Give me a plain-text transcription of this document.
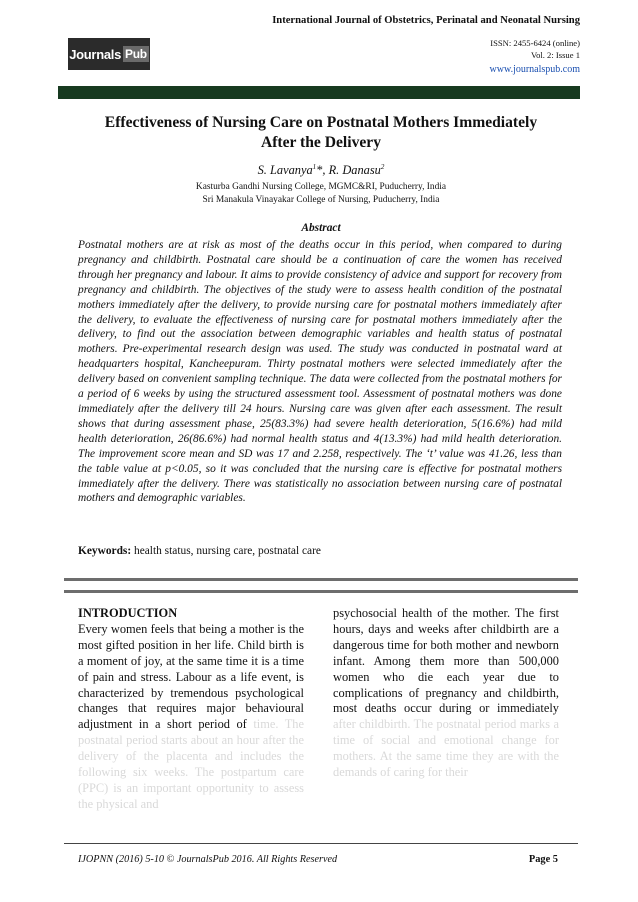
Journals Pub
International Journal of Obstetrics, Perinatal and Neonatal Nursing
ISSN: 2455-6424 (online)
Vol. 2: Issue 1
www.journalspub.com
Effectiveness of Nursing Care on Postnatal Mothers Immediately
After the Delivery
S. Lavanya$^1$*, R. Danasu$^2$
Kasturba Gandhi Nursing College, MGMC&RI, Puducherry, India
Sri Manakula Vinayakar College of Nursing, Puducherry, India
Abstract
Postnatal mothers are at risk as most of the deaths occur in this period, when compared to during pregnancy and childbirth. Postnatal care should be a continuation of care the women has received through her pregnancy and labour. It aims to provide consistency of advice and support for recovery from pregnancy and childbirth. The objectives of the study were to assess health condition of the postnatal mothers immediately after the delivery, to provide nursing care for postnatal mothers immediately after the delivery, to evaluate the effectiveness of nursing care for postnatal mothers immediately after the delivery, to find out the association between demographic variables and health status of postnatal mothers. Pre-experimental research design was used. The study was conducted in postnatal ward at headquarters hospital, Kancheepuram. Thirty postnatal mothers were selected immediately after the delivery based on convenient sampling technique. The data were collected from the postnatal mothers for a period of 6 weeks by using the structured assessment tool. Assessment of postnatal mothers was done immediately after the delivery till 24 hours. Nursing care was given after each assessment. The result shows that during assessment phase, 25(83.3%) had severe health deterioration, 5(16.6%) had mild health deterioration, 26(86.6%) had normal health status and 4(13.3%) had mild health deterioration. The improvement score mean and SD was 17 and 2.258, respectively. The ‘t’ value was 41.26, less than the table value at p<0.05, so it was concluded that the nursing care is effective for postnatal mothers immediately after the delivery. There was statistically no association between nursing care of postnatal mothers and demographic variables.
Keywords: health status, nursing care, postnatal care
INTRODUCTION
Every women feels that being a mother is the most gifted position in her life. Child birth is a moment of joy, at the same time it is a time of pain and stress. Labour as a life event, is characterized by tremendous psychological changes that requires major behavioural adjustment in a short period of time. The postnatal period starts about an hour after the delivery of the placenta and includes the following six weeks. The postpartum care (PPC) is an important opportunity to assess the physical and
psychosocial health of the mother. The first hours, days and weeks after childbirth are a dangerous time for both mother and newborn infant. Among them more than 500,000 women who die each year due to complications of pregnancy and childbirth, most deaths occur during or immediately after childbirth. The postnatal period marks a time of social and emotional change for mothers. At the same time they are with the demands of caring for their
IJOPNN (2016) 5-10 © JournalsPub 2016. All Rights Reserved	Page 5
